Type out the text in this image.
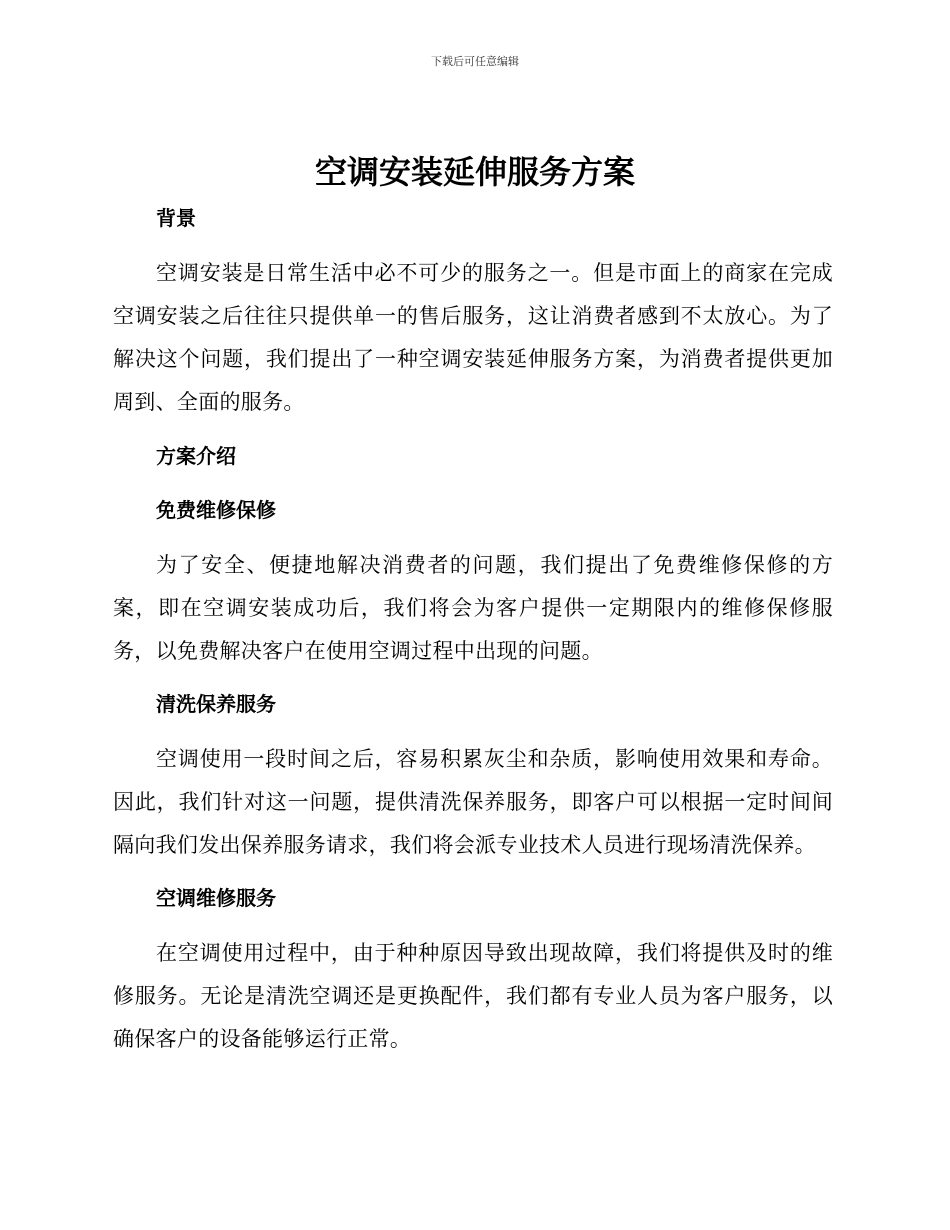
下载后可任意编辑
空调安装延伸服务方案
背景

空调安装是日常生活中必不可少的服务之一。但是市面上的商家在完成空调安装之后往往只提供单一的售后服务，这让消费者感到不太放心。为了解决这个问题，我们提出了一种空调安装延伸服务方案，为消费者提供更加周到、全面的服务。

方案介绍
免费维修保修

为了安全、便捷地解决消费者的问题，我们提出了免费维修保修的方案，即在空调安装成功后，我们将会为客户提供一定期限内的维修保修服务，以免费解决客户在使用空调过程中出现的问题。

清洗保养服务

空调使用一段时间之后，容易积累灰尘和杂质，影响使用效果和寿命。因此，我们针对这一问题，提供清洗保养服务，即客户可以根据一定时间间隔向我们发出保养服务请求，我们将会派专业技术人员进行现场清洗保养。

空调维修服务

在空调使用过程中，由于种种原因导致出现故障，我们将提供及时的维修服务。无论是清洗空调还是更换配件，我们都有专业人员为客户服务，以确保客户的设备能够运行正常。
